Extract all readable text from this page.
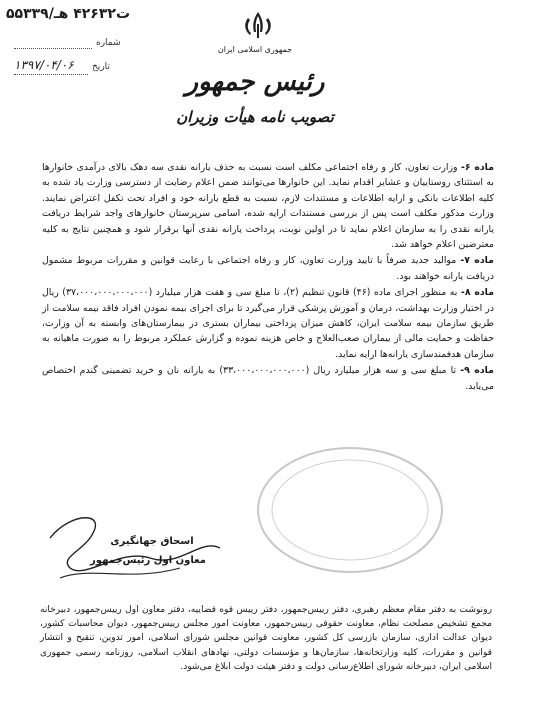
۵۵۳۳۹/ت۴۲۶۳۲ هـ
شماره
تاریخ
۱۳۹۷/۰۴/۰۶
جمهوری اسلامی ایران
رئیس جمهور
تصویب نامه هیأت وزیران

ماده ۶- وزارت تعاون، کار و رفاه اجتماعی مکلف است نسبت به حذف یارانه نقدی سه دهک بالای درآمدی خانوارها به استثنای روستاییان و عشایر اقدام نماید. این خانوارها می‌توانند ضمن اعلام رضایت از دسترسی وزارت یاد شده به کلیه اطلاعات بانکی و ارایه اطلاعات و مستندات لازم، نسبت به قطع یارانه خود و افراد تحت تکفل اعتراض نمایند. وزارت مذکور مکلف است پس از بررسی مستندات ارایه شده، اسامی سرپرستان خانوارهای واجد شرایط دریافت یارانه نقدی را به سازمان اعلام نماید تا در اولین نوبت، پرداخت یارانه نقدی آنها برقرار شود و همچنین نتایج به کلیه معترضین اعلام خواهد شد.

ماده ۷- موالید جدید صرفاً با تایید وزارت تعاون، کار و رفاه اجتماعی با رعایت قوانین و مقررات مربوط مشمول دریافت یارانه خواهند بود.

ماده ۸- به منظور اجرای ماده (۴۶) قانون تنظیم (۲)، تا مبلغ سی و هفت هزار میلیارد (۳۷،۰۰۰،۰۰۰،۰۰۰،۰۰۰) ریال در اختیار وزارت بهداشت، درمان و آموزش پزشکی قرار می‌گیرد تا برای اجرای بیمه نمودن افراد فاقد بیمه سلامت از طریق سازمان بیمه سلامت ایران، کاهش میزان پرداختی بیماران بستری در بیمارستان‌های وابسته به آن وزارت، حفاظت و حمایت مالی از بیماران صعب‌العلاج و خاص هزینه نموده و گزارش عملکرد مربوط را به صورت ماهیانه به سازمان هدفمندسازی یارانه‌ها ارایه نماید.

ماده ۹- تا مبلغ سی و سه هزار میلیارد ریال (۳۳،۰۰۰،۰۰۰،۰۰۰،۰۰۰) به یارانه نان و خرید تضمینی گندم اختصاص می‌یابد.

اسحاق جهانگیری
معاون اول رئیس‌جمهور
رونوشت به دفتر مقام معظم رهبری، دفتر رییس‌جمهور، دفتر رییس قوه قضاییه، دفتر معاون اول رییس‌جمهور، دبیرخانه مجمع تشخیص مصلحت نظام، معاونت حقوقی رییس‌جمهور، معاونت امور مجلس رییس‌جمهور، دیوان محاسبات کشور، دیوان عدالت اداری، سازمان بازرسی کل کشور، معاونت قوانین مجلس شورای اسلامی، امور تدوین، تنقیح و انتشار قوانین و مقررات، کلیه وزارتخانه‌ها، سازمان‌ها و مؤسسات دولتی، نهادهای انقلاب اسلامی، روزنامه رسمی جمهوری اسلامی ایران، دبیرخانه شورای اطلاع‌رسانی دولت و دفتر هیئت دولت ابلاغ می‌شود.
